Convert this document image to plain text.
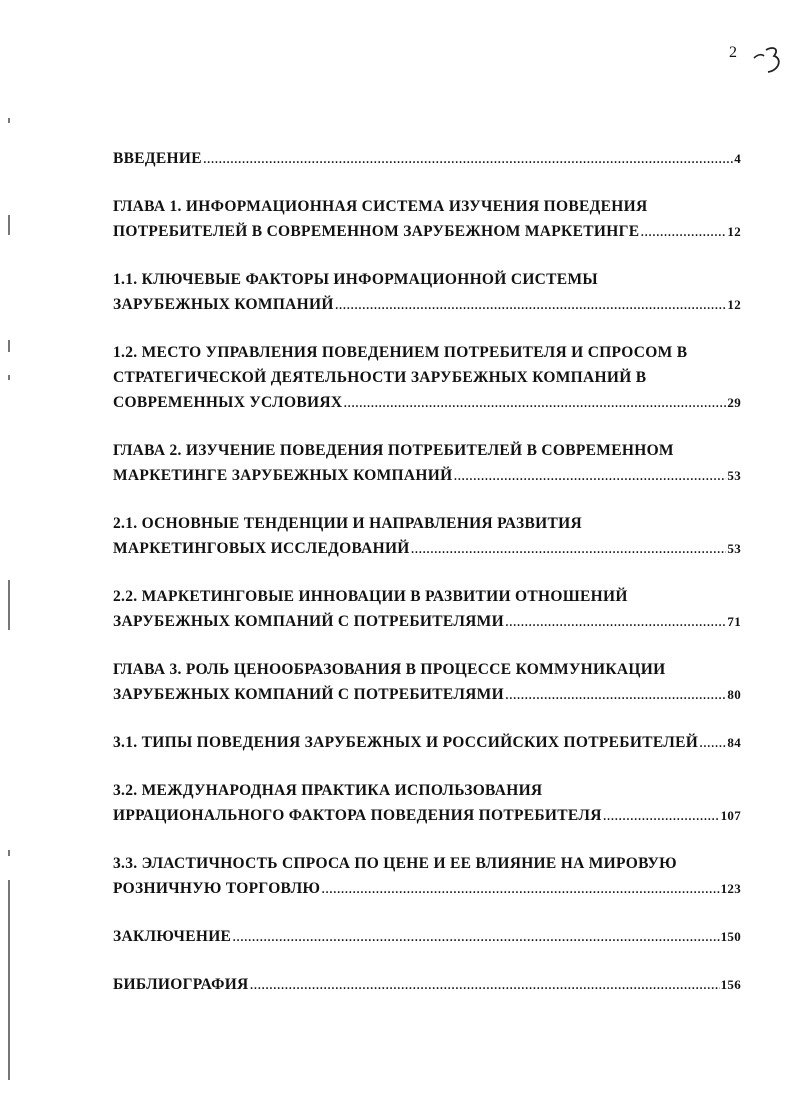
2
ВВЕДЕНИЕ .....	4
ГЛАВА 1. ИНФОРМАЦИОННАЯ СИСТЕМА ИЗУЧЕНИЯ ПОВЕДЕНИЯ
ПОТРЕБИТЕЛЕЙ В СОВРЕМЕННОМ ЗАРУБЕЖНОМ МАРКЕТИНГЕ .....	12
1.1. КЛЮЧЕВЫЕ ФАКТОРЫ ИНФОРМАЦИОННОЙ СИСТЕМЫ
ЗАРУБЕЖНЫХ КОМПАНИЙ .....	12
1.2. МЕСТО УПРАВЛЕНИЯ ПОВЕДЕНИЕМ ПОТРЕБИТЕЛЯ И СПРОСОМ В
СТРАТЕГИЧЕСКОЙ ДЕЯТЕЛЬНОСТИ ЗАРУБЕЖНЫХ КОМПАНИЙ В
СОВРЕМЕННЫХ УСЛОВИЯХ .....	29
ГЛАВА 2. ИЗУЧЕНИЕ ПОВЕДЕНИЯ ПОТРЕБИТЕЛЕЙ В СОВРЕМЕННОМ
МАРКЕТИНГЕ ЗАРУБЕЖНЫХ КОМПАНИЙ .....	53
2.1. ОСНОВНЫЕ ТЕНДЕНЦИИ И НАПРАВЛЕНИЯ РАЗВИТИЯ
МАРКЕТИНГОВЫХ ИССЛЕДОВАНИЙ .....	53
2.2. МАРКЕТИНГОВЫЕ ИННОВАЦИИ В РАЗВИТИИ ОТНОШЕНИЙ
ЗАРУБЕЖНЫХ КОМПАНИЙ С ПОТРЕБИТЕЛЯМИ .....	71
ГЛАВА 3. РОЛЬ ЦЕНООБРАЗОВАНИЯ В ПРОЦЕССЕ КОММУНИКАЦИИ
ЗАРУБЕЖНЫХ КОМПАНИЙ С ПОТРЕБИТЕЛЯМИ .....	80
3.1. ТИПЫ ПОВЕДЕНИЯ ЗАРУБЕЖНЫХ И РОССИЙСКИХ ПОТРЕБИТЕЛЕЙ ..... 84
3.2. МЕЖДУНАРОДНАЯ ПРАКТИКА ИСПОЛЬЗОВАНИЯ
ИРРАЦИОНАЛЬНОГО ФАКТОРА ПОВЕДЕНИЯ ПОТРЕБИТЕЛЯ .....	107
3.3. ЭЛАСТИЧНОСТЬ СПРОСА ПО ЦЕНЕ И ЕЕ ВЛИЯНИЕ НА МИРОВУЮ
РОЗНИЧНУЮ ТОРГОВЛЮ .....	123
ЗАКЛЮЧЕНИЕ .....	150
БИБЛИОГРАФИЯ .....	156
